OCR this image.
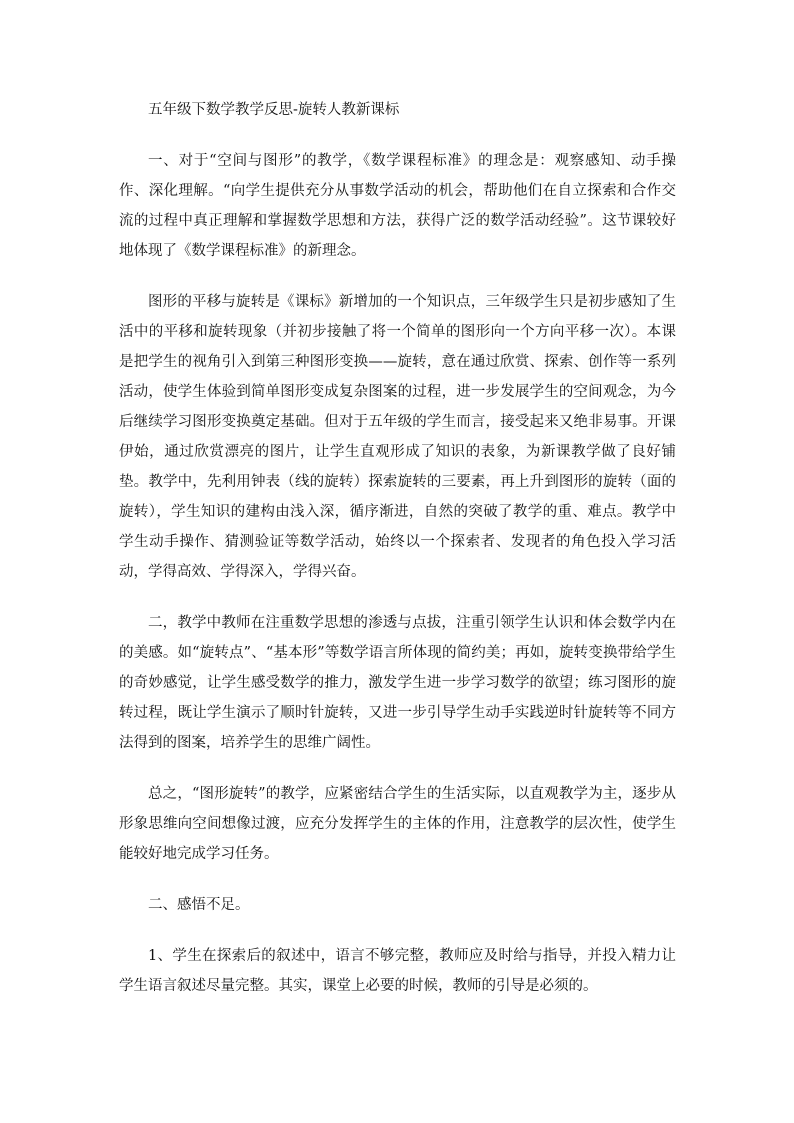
五年级下数学教学反思-旋转人教新课标

一、对于“空间与图形”的教学，《数学课程标准》的理念是：观察感知、动手操作、深化理解。“向学生提供充分从事数学活动的机会，帮助他们在自立探索和合作交流的过程中真正理解和掌握数学思想和方法，获得广泛的数学活动经验”。这节课较好地体现了《数学课程标准》的新理念。

图形的平移与旋转是《课标》新增加的一个知识点，三年级学生只是初步感知了生活中的平移和旋转现象（并初步接触了将一个简单的图形向一个方向平移一次）。本课是把学生的视角引入到第三种图形变换——旋转，意在通过欣赏、探索、创作等一系列活动，使学生体验到简单图形变成复杂图案的过程，进一步发展学生的空间观念，为今后继续学习图形变换奠定基础。但对于五年级的学生而言，接受起来又绝非易事。开课伊始，通过欣赏漂亮的图片，让学生直观形成了知识的表象，为新课教学做了良好铺垫。教学中，先利用钟表（线的旋转）探索旋转的三要素，再上升到图形的旋转（面的旋转），学生知识的建构由浅入深，循序渐进，自然的突破了教学的重、难点。教学中学生动手操作、猜测验证等数学活动，始终以一个探索者、发现者的角色投入学习活动，学得高效、学得深入，学得兴奋。

二，教学中教师在注重数学思想的渗透与点拔，注重引领学生认识和体会数学内在的美感。如“旋转点”、“基本形”等数学语言所体现的简约美；再如，旋转变换带给学生的奇妙感觉，让学生感受数学的推力，激发学生进一步学习数学的欲望；练习图形的旋转过程，既让学生演示了顺时针旋转，又进一步引导学生动手实践逆时针旋转等不同方法得到的图案，培养学生的思维广阔性。

总之，“图形旋转”的教学，应紧密结合学生的生活实际，以直观教学为主，逐步从形象思维向空间想像过渡，应充分发挥学生的主体的作用，注意教学的层次性，使学生能较好地完成学习任务。

二、感悟不足。

1、学生在探索后的叙述中，语言不够完整，教师应及时给与指导，并投入精力让学生语言叙述尽量完整。其实，课堂上必要的时候，教师的引导是必须的。
